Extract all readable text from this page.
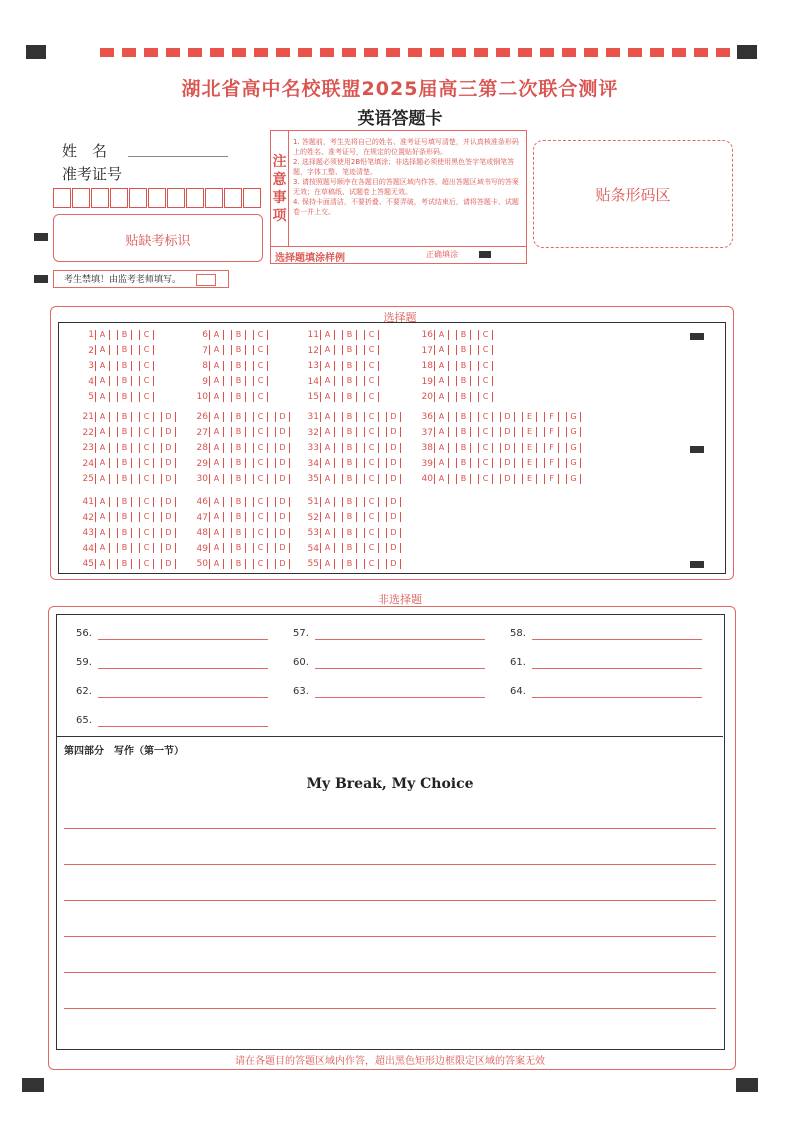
湖北省高中名校联盟2025届高三第二次联合测评
英语答题卡
姓　名
准考证号
贴缺考标识
考生禁填！由监考老师填写。
注意事项
1. 答题前，考生先将自己的姓名、准考证号填写清楚，并认真核准条形码上的姓名、准考证号，在规定的位置贴好条形码。
2. 选择题必须使用2B铅笔填涂；非选择题必须使用黑色签字笔或钢笔答题，字体工整、笔迹清楚。
3. 请按照题号顺序在各题目的答题区域内作答，超出答题区域书写的答案无效；在草稿纸、试题卷上答题无效。
4. 保持卡面清洁，不要折叠、不要弄破，考试结束后，请将答题卡、试题卷一并上交。
选择题填涂样例	正确填涂
贴条形码区
选择题
1 A B C
2 A B C
3 A B C
4 A B C
5 A B C
6 A B C
7 A B C
8 A B C
9 A B C
10 A B C
11 A B C
12 A B C
13 A B C
14 A B C
15 A B C
16 A B C
17 A B C
18 A B C
19 A B C
20 A B C
21 A B C D
22 A B C D
23 A B C D
24 A B C D
25 A B C D
26 A B C D
27 A B C D
28 A B C D
29 A B C D
30 A B C D
31 A B C D
32 A B C D
33 A B C D
34 A B C D
35 A B C D
36 A B C D E F G
37 A B C D E F G
38 A B C D E F G
39 A B C D E F G
40 A B C D E F G
41 A B C D
42 A B C D
43 A B C D
44 A B C D
45 A B C D
46 A B C D
47 A B C D
48 A B C D
49 A B C D
50 A B C D
51 A B C D
52 A B C D
53 A B C D
54 A B C D
55 A B C D
非选择题
56.	57.	58.
59.	60.	61.
62.	63.	64.
65.
第四部分　写作（第一节）
My Break, My Choice
请在各题目的答题区域内作答，超出黑色矩形边框限定区域的答案无效
